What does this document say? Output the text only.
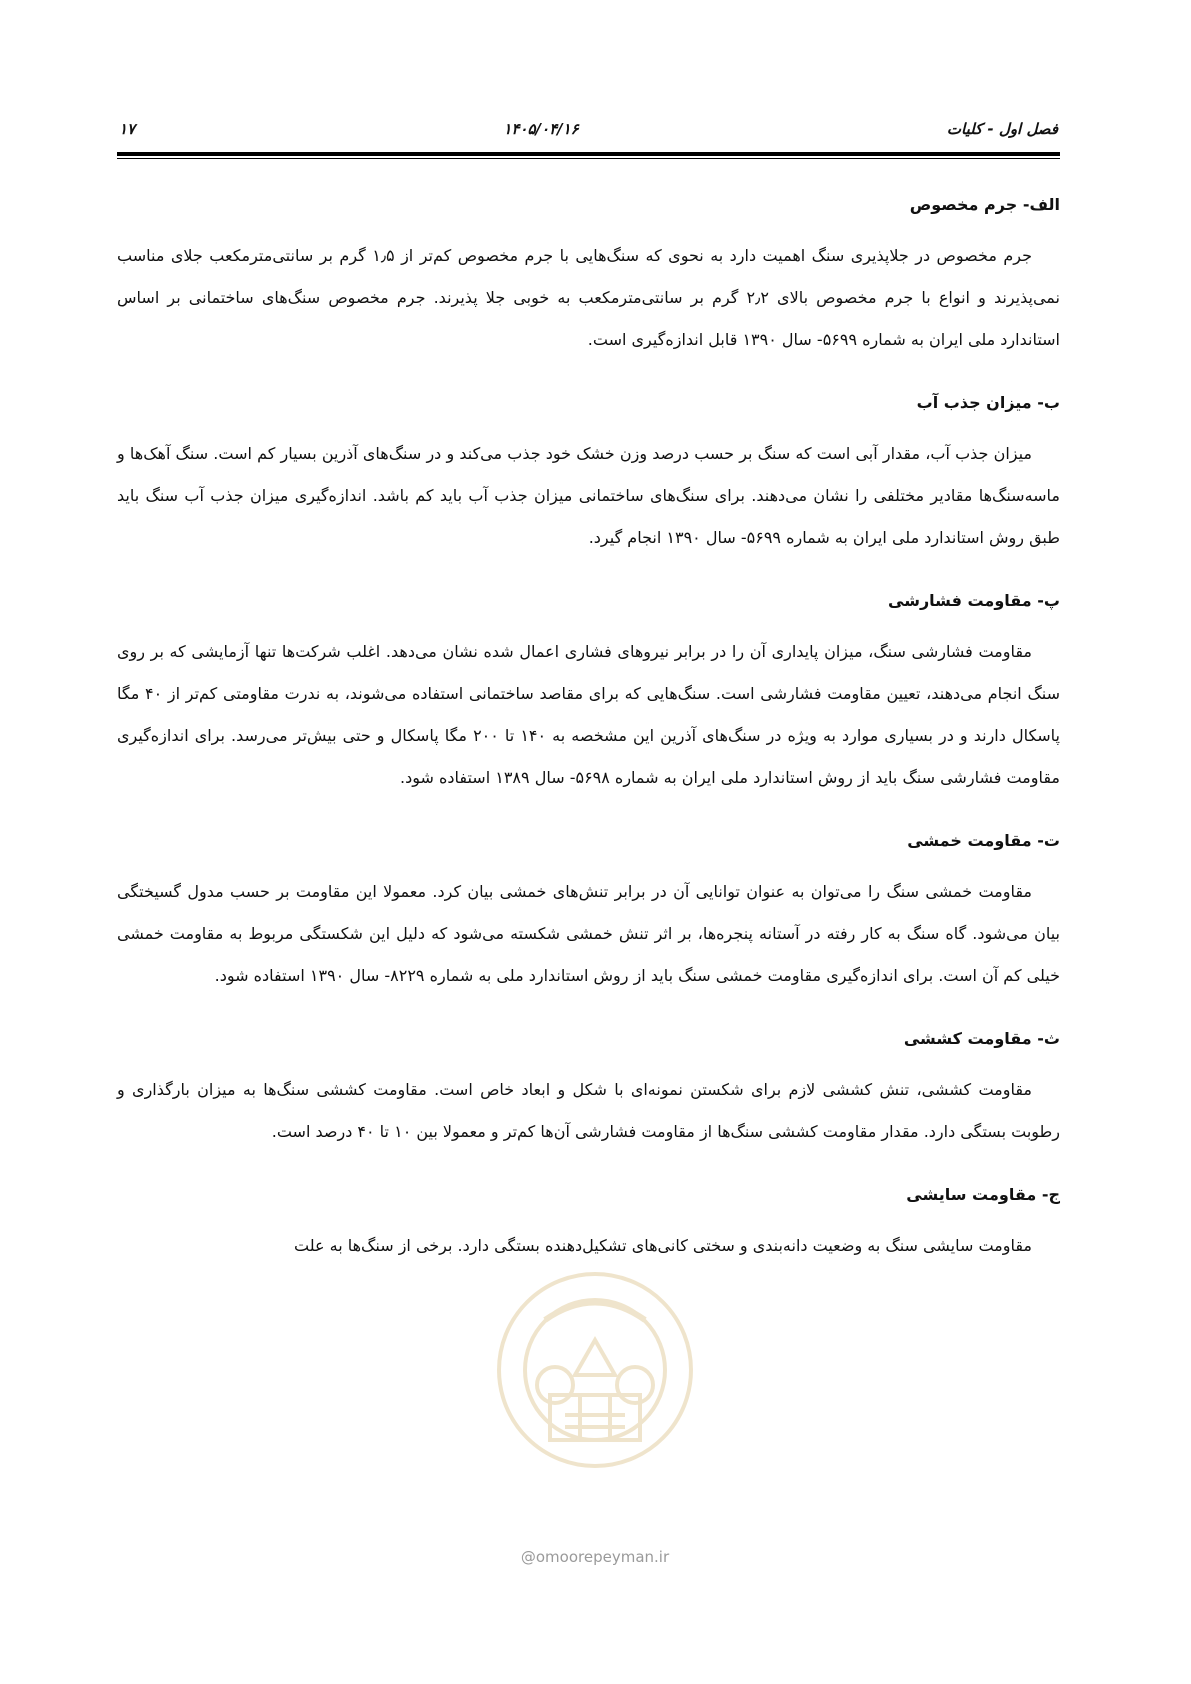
فصل اول - کلیات
۱۴۰۵/۰۴/۱۶
۱۷
الف- جرم مخصوص

جرم مخصوص در جلاپذیری سنگ اهمیت دارد به نحوی که سنگ‌هایی با جرم مخصوص کم‌تر از ۱٫۵ گرم بر سانتی‌مترمکعب جلای مناسب نمی‌پذیرند و انواع با جرم مخصوص بالای ۲٫۲ گرم بر سانتی‌مترمکعب به خوبی جلا پذیرند. جرم مخصوص سنگ‌های ساختمانی بر اساس استاندارد ملی ایران به شماره ۵۶۹۹- سال ۱۳۹۰ قابل اندازه‌گیری است.

ب- میزان جذب آب

میزان جذب آب، مقدار آبی است که سنگ بر حسب درصد وزن خشک خود جذب می‌کند و در سنگ‌های آذرین بسیار کم است. سنگ آهک‌ها و ماسه‌سنگ‌ها مقادیر مختلفی را نشان می‌دهند. برای سنگ‌های ساختمانی میزان جذب آب باید کم باشد. اندازه‌گیری میزان جذب آب سنگ باید طبق روش استاندارد ملی ایران به شماره ۵۶۹۹- سال ۱۳۹۰ انجام گیرد.

پ- مقاومت فشارشی

مقاومت فشارشی سنگ، میزان پایداری آن را در برابر نیروهای فشاری اعمال شده نشان می‌دهد. اغلب شرکت‌ها تنها آزمایشی که بر روی سنگ انجام می‌دهند، تعیین مقاومت فشارشی است. سنگ‌هایی که برای مقاصد ساختمانی استفاده می‌شوند، به ندرت مقاومتی کم‌تر از ۴۰ مگا پاسکال دارند و در بسیاری موارد به ویژه در سنگ‌های آذرین این مشخصه به ۱۴۰ تا ۲۰۰ مگا پاسکال و حتی بیش‌تر می‌رسد. برای اندازه‌گیری مقاومت فشارشی سنگ باید از روش استاندارد ملی ایران به شماره ۵۶۹۸- سال ۱۳۸۹ استفاده شود.

ت- مقاومت خمشی

مقاومت خمشی سنگ را می‌توان به عنوان توانایی آن در برابر تنش‌های خمشی بیان کرد. معمولا این مقاومت بر حسب مدول گسیختگی بیان می‌شود. گاه سنگ به کار رفته در آستانه پنجره‌ها، بر اثر تنش خمشی شکسته می‌شود که دلیل این شکستگی مربوط به مقاومت خمشی خیلی کم آن است. برای اندازه‌گیری مقاومت خمشی سنگ باید از روش استاندارد ملی به شماره ۸۲۲۹- سال ۱۳۹۰ استفاده شود.

ث- مقاومت کششی

مقاومت کششی، تنش کششی لازم برای شکستن نمونه‌ای با شکل و ابعاد خاص است. مقاومت کششی سنگ‌ها به میزان بارگذاری و رطوبت بستگی دارد. مقدار مقاومت کششی سنگ‌ها از مقاومت فشارشی آن‌ها کم‌تر و معمولا بین ۱۰ تا ۴۰ درصد است.

ج- مقاومت سایشی

مقاومت سایشی سنگ به وضعیت دانه‌بندی و سختی کانی‌های تشکیل‌دهنده بستگی دارد. برخی از سنگ‌ها به علت

@omoorepeyman.ir
